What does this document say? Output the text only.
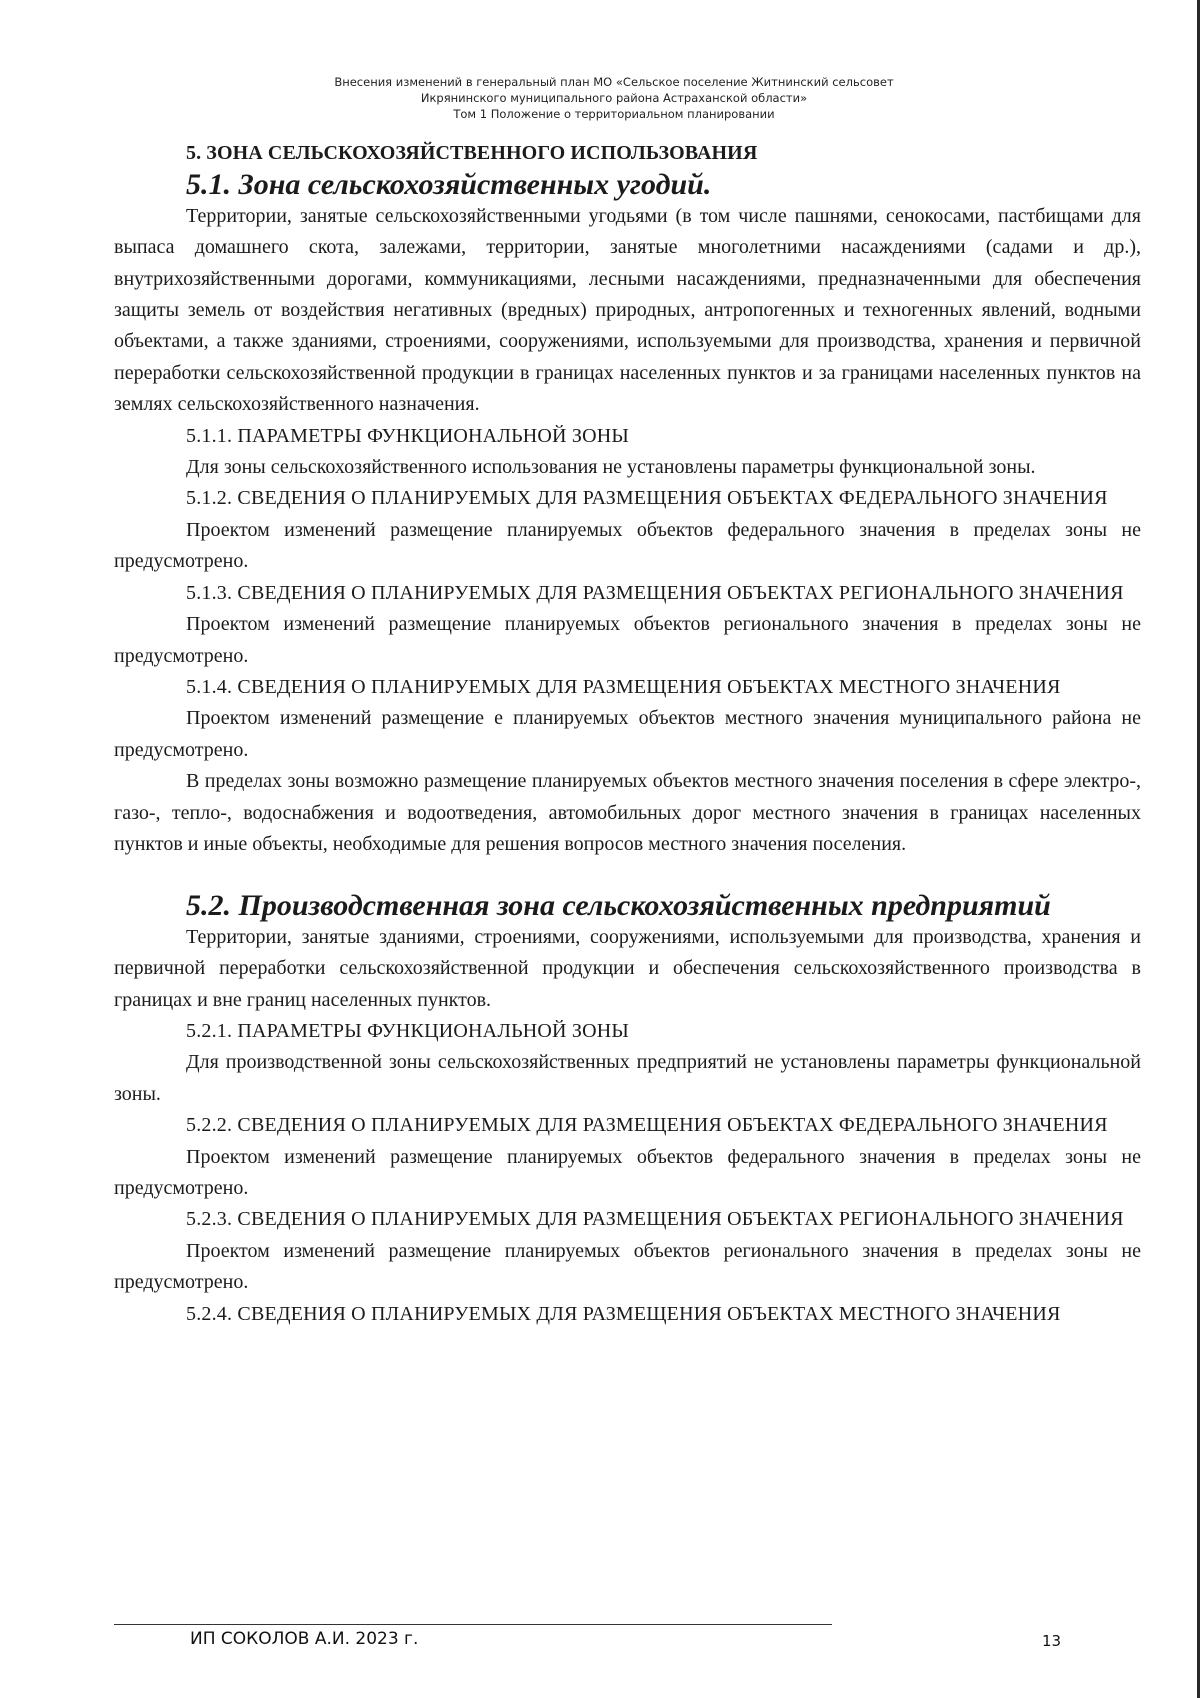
Внесения изменений в генеральный план МО «Сельское поселение Житнинский сельсовет
Икрянинского муниципального района Астраханской области»
Том 1 Положение о территориальном планировании
5. ЗОНА СЕЛЬСКОХОЗЯЙСТВЕННОГО ИСПОЛЬЗОВАНИЯ
5.1. Зона сельскохозяйственных угодий.

Территории, занятые сельскохозяйственными угодьями (в том числе пашнями, сенокосами, пастбищами для выпаса домашнего скота, залежами, территории, занятые многолетними насаждениями (садами и др.), внутрихозяйственными дорогами, коммуникациями, лесными насаждениями, предназначенными для обеспечения защиты земель от воздействия негативных (вредных) природных, антропогенных и техногенных явлений, водными объектами, а также зданиями, строениями, сооружениями, используемыми для производства, хранения и первичной переработки сельскохозяйственной продукции в границах населенных пунктов и за границами населенных пунктов на землях сельскохозяйственного назначения.

5.1.1. ПАРАМЕТРЫ ФУНКЦИОНАЛЬНОЙ ЗОНЫ

Для зоны сельскохозяйственного использования не установлены параметры функциональной зоны.

5.1.2. СВЕДЕНИЯ О ПЛАНИРУЕМЫХ ДЛЯ РАЗМЕЩЕНИЯ ОБЪЕКТАХ ФЕДЕРАЛЬНОГО ЗНАЧЕНИЯ

Проектом изменений размещение планируемых объектов федерального значения в пределах зоны не предусмотрено.

5.1.3. СВЕДЕНИЯ О ПЛАНИРУЕМЫХ ДЛЯ РАЗМЕЩЕНИЯ ОБЪЕКТАХ РЕГИОНАЛЬНОГО ЗНАЧЕНИЯ

Проектом изменений размещение планируемых объектов регионального значения в пределах зоны не предусмотрено.

5.1.4. СВЕДЕНИЯ О ПЛАНИРУЕМЫХ ДЛЯ РАЗМЕЩЕНИЯ ОБЪЕКТАХ МЕСТНОГО ЗНАЧЕНИЯ

Проектом изменений размещение е планируемых объектов местного значения муниципального района не предусмотрено.

В пределах зоны возможно размещение планируемых объектов местного значения поселения в сфере электро-, газо-, тепло-, водоснабжения и водоотведения, автомобильных дорог местного значения в границах населенных пунктов и иные объекты, необходимые для решения вопросов местного значения поселения.

5.2. Производственная зона сельскохозяйственных предприятий

Территории, занятые зданиями, строениями, сооружениями, используемыми для производства, хранения и первичной переработки сельскохозяйственной продукции и обеспечения сельскохозяйственного производства в границах и вне границ населенных пунктов.

5.2.1. ПАРАМЕТРЫ ФУНКЦИОНАЛЬНОЙ ЗОНЫ

Для производственной зоны сельскохозяйственных предприятий не установлены параметры функциональной зоны.

5.2.2. СВЕДЕНИЯ О ПЛАНИРУЕМЫХ ДЛЯ РАЗМЕЩЕНИЯ ОБЪЕКТАХ ФЕДЕРАЛЬНОГО ЗНАЧЕНИЯ

Проектом изменений размещение планируемых объектов федерального значения в пределах зоны не предусмотрено.

5.2.3. СВЕДЕНИЯ О ПЛАНИРУЕМЫХ ДЛЯ РАЗМЕЩЕНИЯ ОБЪЕКТАХ РЕГИОНАЛЬНОГО ЗНАЧЕНИЯ

Проектом изменений размещение планируемых объектов регионального значения в пределах зоны не предусмотрено.

5.2.4. СВЕДЕНИЯ О ПЛАНИРУЕМЫХ ДЛЯ РАЗМЕЩЕНИЯ ОБЪЕКТАХ МЕСТНОГО ЗНАЧЕНИЯ

ИП СОКОЛОВ А.И. 2023 г.	13
